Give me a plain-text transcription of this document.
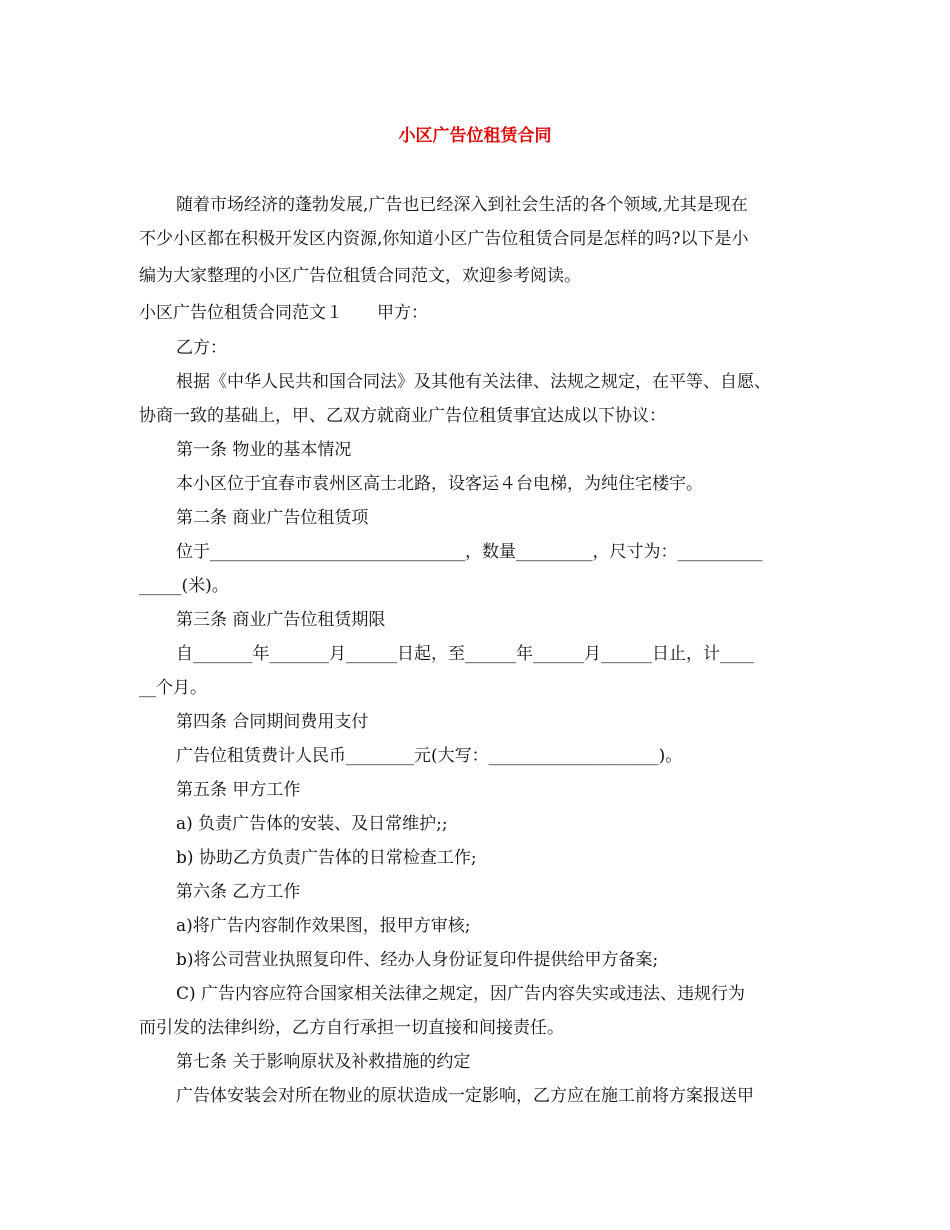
小区广告位租赁合同
随着市场经济的蓬勃发展,广告也已经深入到社会生活的各个领域,尤其是现在
不少小区都在积极开发区内资源,你知道小区广告位租赁合同是怎样的吗?以下是小
编为大家整理的小区广告位租赁合同范文，欢迎参考阅读。
小区广告位租赁合同范文１　　甲方：
乙方：
根据《中华人民共和国合同法》及其他有关法律、法规之规定，在平等、自愿、
协商一致的基础上，甲、乙双方就商业广告位租赁事宜达成以下协议：
第一条 物业的基本情况
本小区位于宜春市袁州区高士北路，设客运４台电梯，为纯住宅楼宇。
第二条 商业广告位租赁项
位于______________________________，数量_________，尺寸为：__________
_____(米)。
第三条 商业广告位租赁期限
自_______年_______月______日起，至______年______月______日止，计____
__个月。
第四条 合同期间费用支付
广告位租赁费计人民币________元(大写：____________________)。
第五条 甲方工作
a) 负责广告体的安装、及日常维护;;
b) 协助乙方负责广告体的日常检查工作;
第六条 乙方工作
a)将广告内容制作效果图，报甲方审核;
b)将公司营业执照复印件、经办人身份证复印件提供给甲方备案;
C) 广告内容应符合国家相关法律之规定，因广告内容失实或违法、违规行为
而引发的法律纠纷，乙方自行承担一切直接和间接责任。
第七条 关于影响原状及补救措施的约定
广告体安装会对所在物业的原状造成一定影响，乙方应在施工前将方案报送甲
